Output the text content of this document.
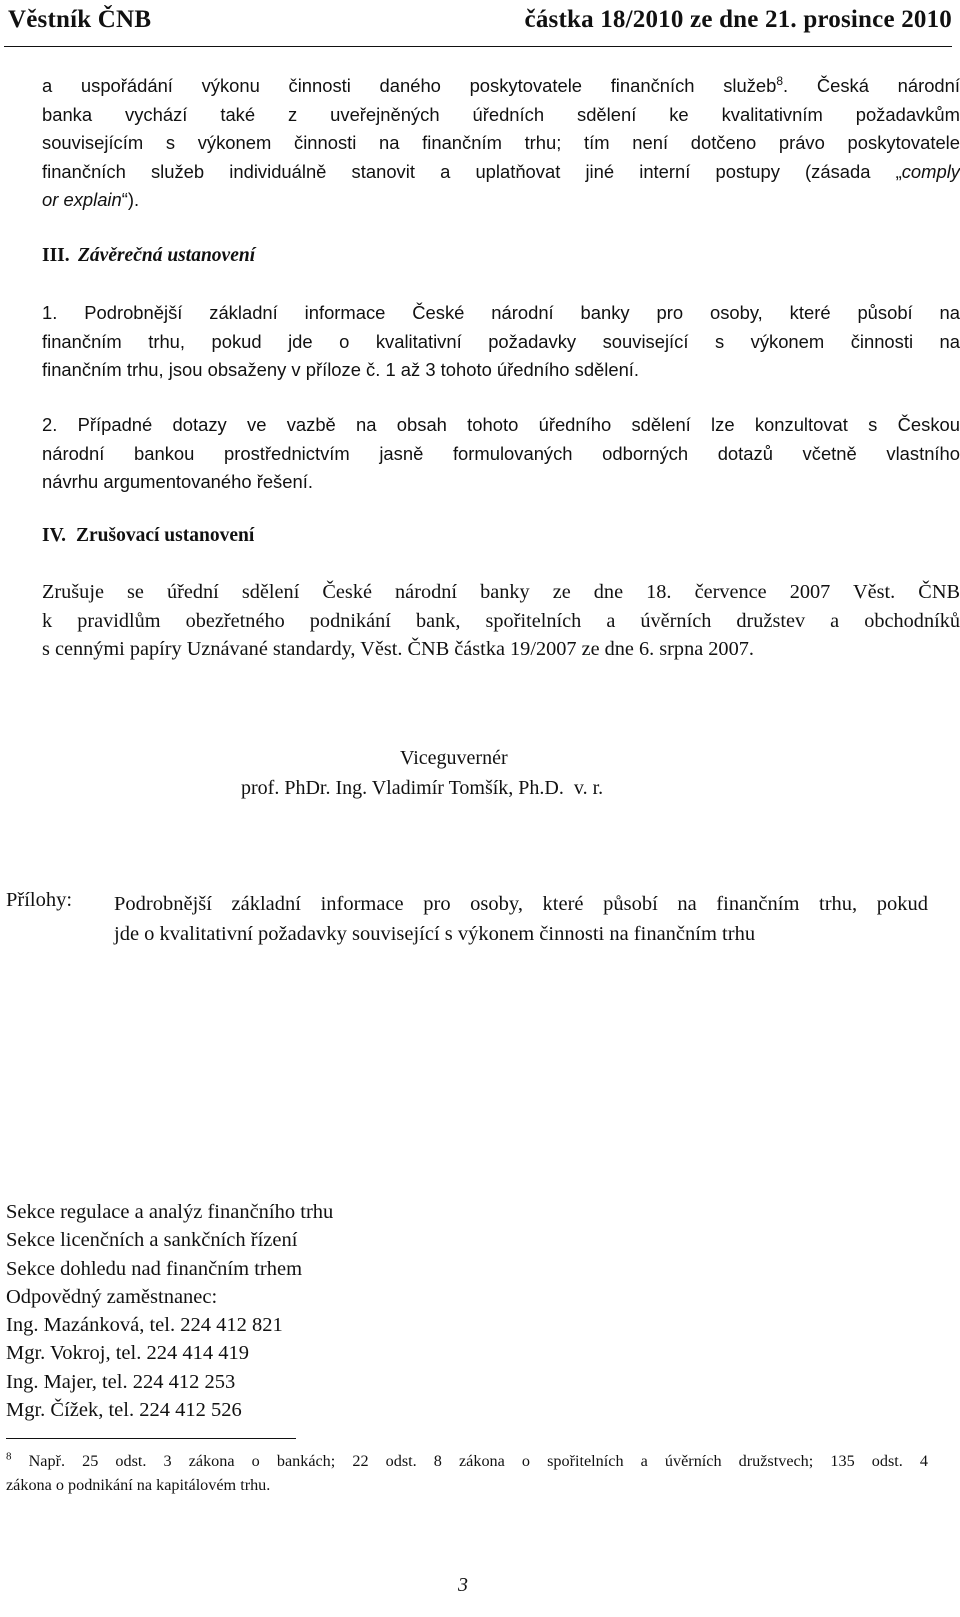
Věstník ČNB	částka 18/2010 ze dne 21. prosince 2010
a uspořádání výkonu činnosti daného poskytovatele finančních služeb$^8$. Česká národní
banka vychází také z uveřejněných úředních sdělení ke kvalitativním požadavkům
souvisejícím s výkonem činnosti na finančním trhu; tím není dotčeno právo poskytovatele
finančních služeb individuálně stanovit a uplatňovat jiné interní postupy (zásada „comply
or explain“).
III. Závěrečná ustanovení
1. Podrobnější základní informace České národní banky pro osoby, které působí na
finančním trhu, pokud jde o kvalitativní požadavky související s výkonem činnosti na
finančním trhu, jsou obsaženy v příloze č. 1 až 3 tohoto úředního sdělení.
2. Případné dotazy ve vazbě na obsah tohoto úředního sdělení lze konzultovat s Českou
národní bankou prostřednictvím jasně formulovaných odborných dotazů včetně vlastního
návrhu argumentovaného řešení.
IV. Zrušovací ustanovení
Zrušuje se úřední sdělení České národní banky ze dne 18. července 2007 Věst. ČNB
k pravidlům obezřetného podnikání bank, spořitelních a úvěrních družstev a obchodníků
s cennými papíry Uznávané standardy, Věst. ČNB částka 19/2007 ze dne 6. srpna 2007.
Viceguvernér
prof. PhDr. Ing. Vladimír Tomšík, Ph.D.  v. r.
Přílohy: Podrobnější základní informace pro osoby, které působí na finančním trhu, pokud
jde o kvalitativní požadavky související s výkonem činnosti na finančním trhu
Sekce regulace a analýz finančního trhu
Sekce licenčních a sankčních řízení
Sekce dohledu nad finančním trhem
Odpovědný zaměstnanec:
Ing. Mazánková, tel. 224 412 821
Mgr. Vokroj, tel. 224 414 419
Ing. Majer, tel. 224 412 253
Mgr. Čížek, tel. 224 412 526
$^8$ Např. 25 odst. 3 zákona o bankách; 22 odst. 8 zákona o spořitelních a úvěrních družstvech; 135 odst. 4
zákona o podnikání na kapitálovém trhu.
3
